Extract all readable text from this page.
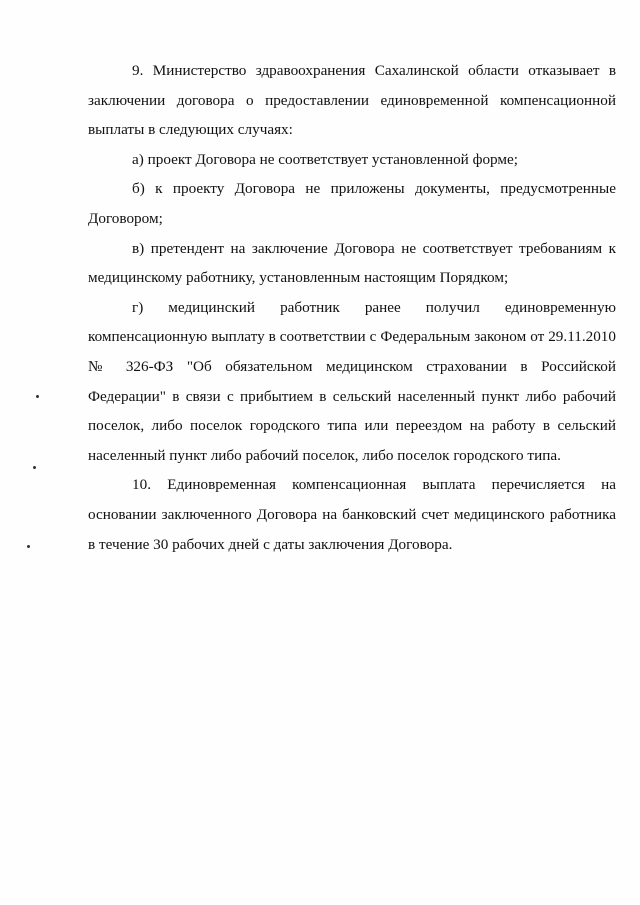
9. Министерство здравоохранения Сахалинской области отказывает в заключении договора о предоставлении единовременной компенсационной выплаты в следующих случаях:

а) проект Договора не соответствует установленной форме;

б) к проекту Договора не приложены документы, предусмотренные Договором;

в) претендент на заключение Договора не соответствует требованиям к медицинскому работнику, установленным настоящим Порядком;

г) медицинский работник ранее получил единовременную компенсационную выплату в соответствии с Федеральным законом от 29.11.2010 № 326-ФЗ "Об обязательном медицинском страховании в Российской Федерации" в связи с прибытием в сельский населенный пункт либо рабочий поселок, либо поселок городского типа или переездом на работу в сельский населенный пункт либо рабочий поселок, либо поселок городского типа.

10. Единовременная компенсационная выплата перечисляется на основании заключенного Договора на банковский счет медицинского работника в течение 30 рабочих дней с даты заключения Договора.
